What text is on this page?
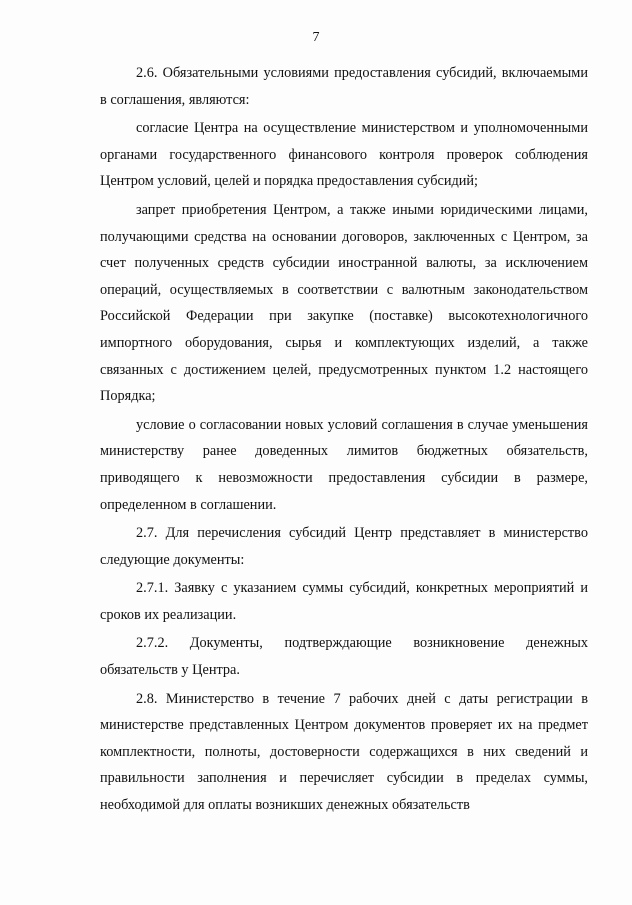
7

2.6. Обязательными условиями предоставления субсидий, включаемыми в соглашения, являются:

согласие Центра на осуществление министерством и уполномоченными органами государственного финансового контроля проверок соблюдения Центром условий, целей и порядка предоставления субсидий;

запрет приобретения Центром, а также иными юридическими лицами, получающими средства на основании договоров, заключенных с Центром, за счет полученных средств субсидии иностранной валюты, за исключением операций, осуществляемых в соответствии с валютным законодательством Российской Федерации при закупке (поставке) высокотехнологичного импортного оборудования, сырья и комплектующих изделий, а также связанных с достижением целей, предусмотренных пунктом 1.2 настоящего Порядка;

условие о согласовании новых условий соглашения в случае уменьшения министерству ранее доведенных лимитов бюджетных обязательств, приводящего к невозможности предоставления субсидии в размере, определенном в соглашении.

2.7. Для перечисления субсидий Центр представляет в министерство следующие документы:

2.7.1. Заявку с указанием суммы субсидий, конкретных мероприятий и сроков их реализации.

2.7.2. Документы, подтверждающие возникновение денежных обязательств у Центра.

2.8. Министерство в течение 7 рабочих дней с даты регистрации в министерстве представленных Центром документов проверяет их на предмет комплектности, полноты, достоверности содержащихся в них сведений и правильности заполнения и перечисляет субсидии в пределах суммы, необходимой для оплаты возникших денежных обязательств
